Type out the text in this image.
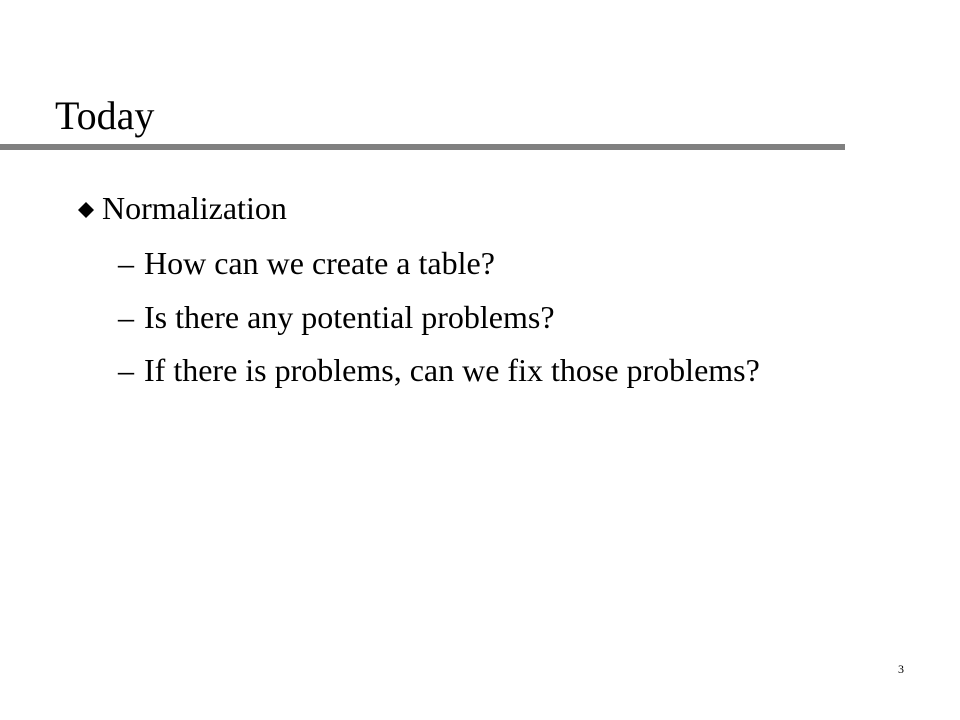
Today
Normalization
– How can we create a table?
– Is there any potential problems?
– If there is problems, can we fix those problems?
3
